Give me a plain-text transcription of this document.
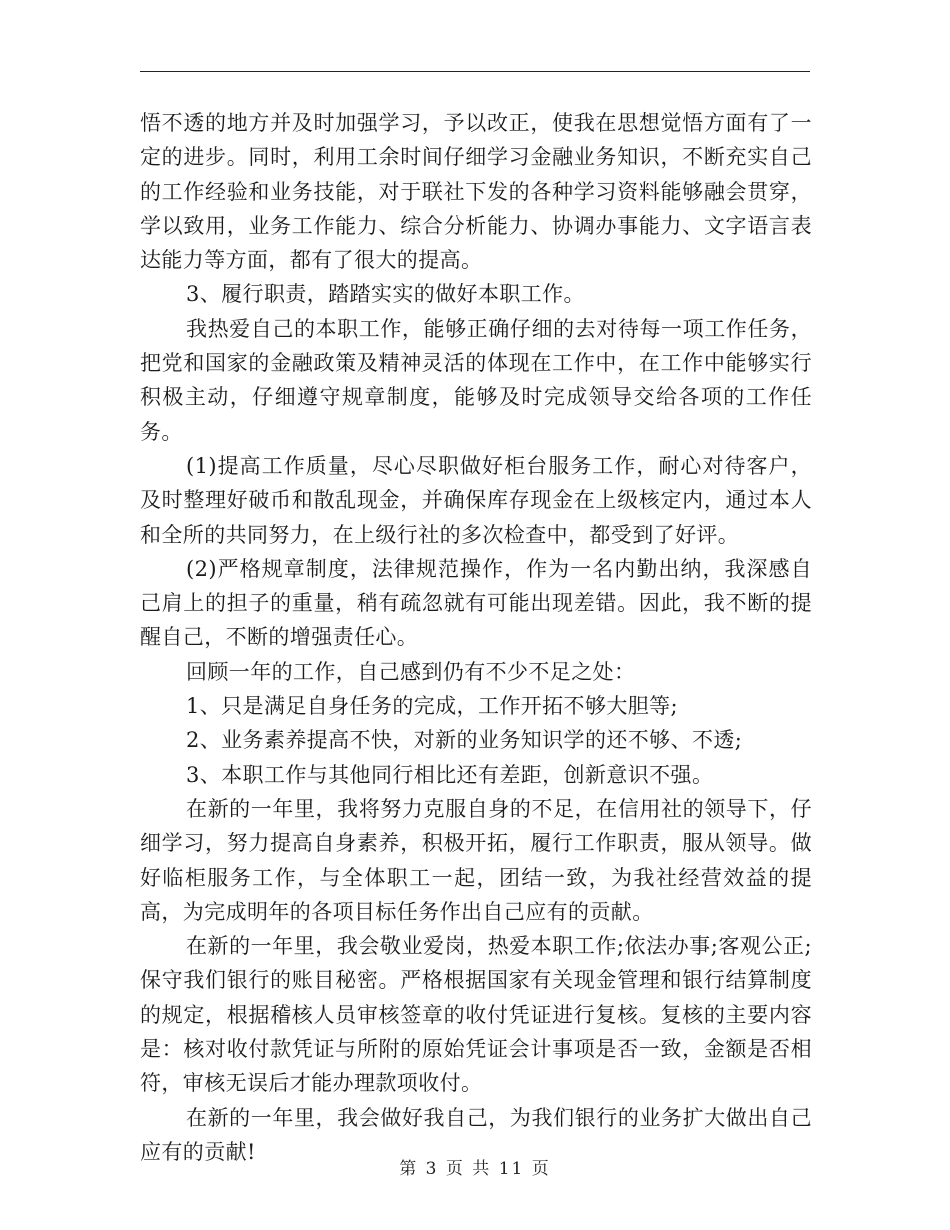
悟不透的地方并及时加强学习，予以改正，使我在思想觉悟方面有了一定的进步。同时，利用工余时间仔细学习金融业务知识，不断充实自己的工作经验和业务技能，对于联社下发的各种学习资料能够融会贯穿，学以致用，业务工作能力、综合分析能力、协调办事能力、文字语言表达能力等方面，都有了很大的提高。

3、履行职责，踏踏实实的做好本职工作。

我热爱自己的本职工作，能够正确仔细的去对待每一项工作任务，把党和国家的金融政策及精神灵活的体现在工作中，在工作中能够实行积极主动，仔细遵守规章制度，能够及时完成领导交给各项的工作任务。

(1)提高工作质量，尽心尽职做好柜台服务工作，耐心对待客户，及时整理好破币和散乱现金，并确保库存现金在上级核定内，通过本人和全所的共同努力，在上级行社的多次检查中，都受到了好评。

(2)严格规章制度，法律规范操作，作为一名内勤出纳，我深感自己肩上的担子的重量，稍有疏忽就有可能出现差错。因此，我不断的提醒自己，不断的增强责任心。

回顾一年的工作，自己感到仍有不少不足之处：

1、只是满足自身任务的完成，工作开拓不够大胆等;

2、业务素养提高不快，对新的业务知识学的还不够、不透;

3、本职工作与其他同行相比还有差距，创新意识不强。

在新的一年里，我将努力克服自身的不足，在信用社的领导下，仔细学习，努力提高自身素养，积极开拓，履行工作职责，服从领导。做好临柜服务工作，与全体职工一起，团结一致，为我社经营效益的提高，为完成明年的各项目标任务作出自己应有的贡献。

在新的一年里，我会敬业爱岗，热爱本职工作;依法办事;客观公正;保守我们银行的账目秘密。严格根据国家有关现金管理和银行结算制度的规定，根据稽核人员审核签章的收付凭证进行复核。复核的主要内容是：核对收付款凭证与所附的原始凭证会计事项是否一致，金额是否相符，审核无误后才能办理款项收付。

在新的一年里，我会做好我自己，为我们银行的业务扩大做出自己应有的贡献!

第 3 页 共 11 页
